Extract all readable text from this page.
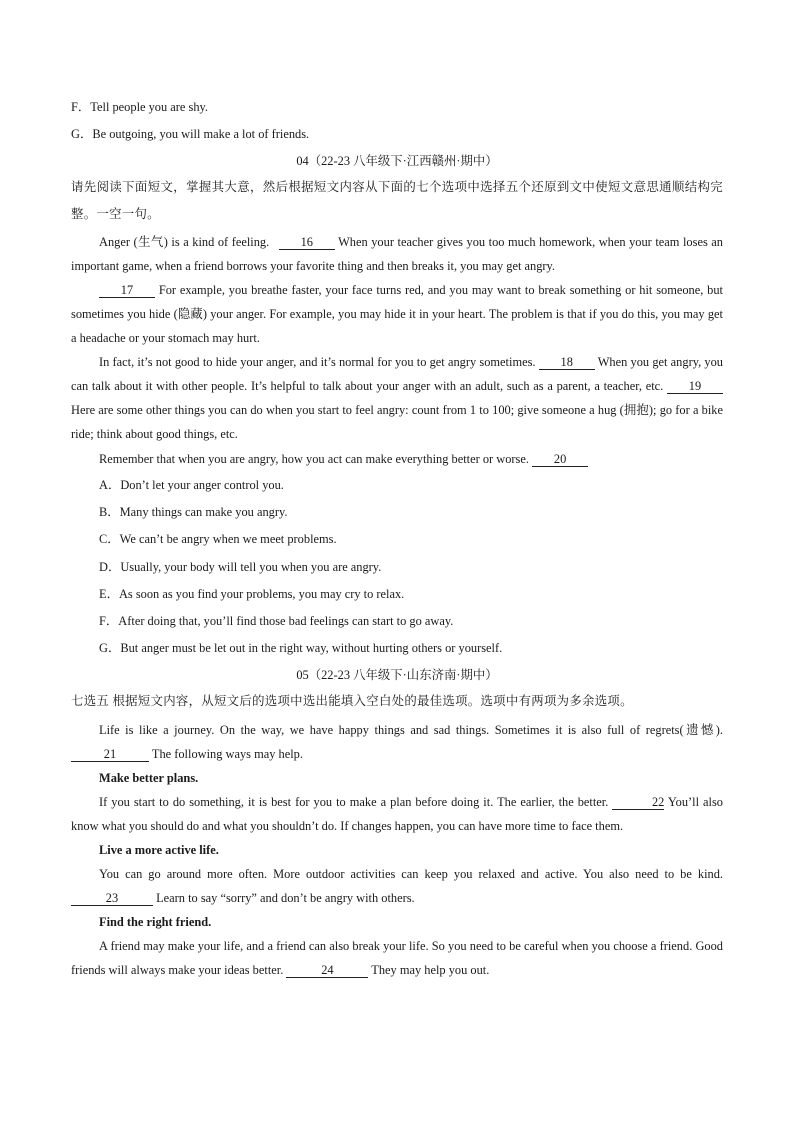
F．Tell people you are shy.
G．Be outgoing, you will make a lot of friends.
04（22-23 八年级下·江西赣州·期中）
请先阅读下面短文，掌握其大意，然后根据短文内容从下面的七个选项中选择五个还原到文中使短文意思通顺结构完整。一空一句。
Anger (生气) is a kind of feeling.	16 When your teacher gives you too much homework, when your team loses an important game, when a friend borrows your favorite thing and then breaks it, you may get angry.
17 For example, you breathe faster, your face turns red, and you may want to break something or hit someone, but sometimes you hide (隐藏) your anger. For example, you may hide it in your heart. The problem is that if you do this, you may get a headache or your stomach may hurt.
In fact, it’s not good to hide your anger, and it’s normal for you to get angry sometimes. 18 When you get angry, you can talk about it with other people. It’s helpful to talk about your anger with an adult, such as a parent, a teacher, etc. 19 Here are some other things you can do when you start to feel angry: count from 1 to 100; give someone a hug (拥抱); go for a bike ride; think about good things, etc.
Remember that when you are angry, how you act can make everything better or worse. 20
A．Don’t let your anger control you.
B．Many things can make you angry.
C．We can’t be angry when we meet problems.
D．Usually, your body will tell you when you are angry.
E．As soon as you find your problems, you may cry to relax.
F．After doing that, you’ll find those bad feelings can start to go away.
G．But anger must be let out in the right way, without hurting others or yourself.
05（22-23 八年级下·山东济南·期中）
七选五 根据短文内容，从短文后的选项中选出能填入空白处的最佳选项。选项中有两项为多余选项。
Life is like a journey. On the way, we have happy things and sad things. Sometimes it is also full of regrets(遗憾). 21	The following ways may help.
Make better plans.
If you start to do something, it is best for you to make a plan before doing it. The earlier, the better.	22 You’ll also know what you should do and what you shouldn’t do. If changes happen, you can have more time to face them.
Live a more active life.
You can go around more often. More outdoor activities can keep you relaxed and active. You also need to be kind. 23	Learn to say “sorry” and don’t be angry with others.
Find the right friend.
A friend may make your life, and a friend can also break your life. So you need to be careful when you choose a friend. Good friends will always make your ideas better.	24	They may help you out.
